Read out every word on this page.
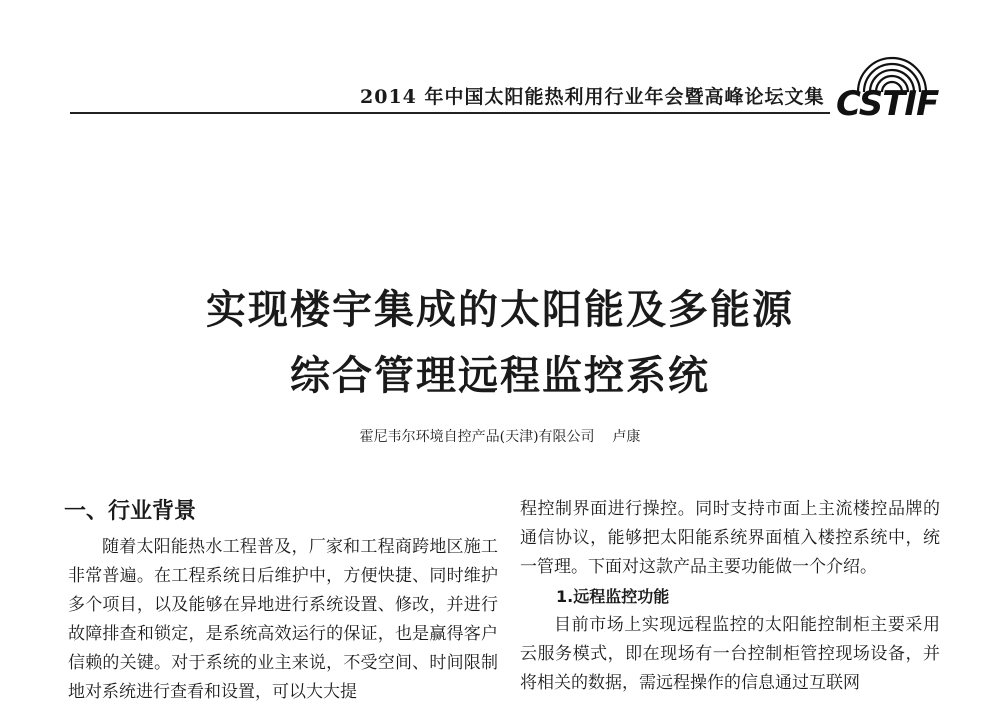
2014 年中国太阳能热利用行业年会暨高峰论坛文集 CSTIF
实现楼宇集成的太阳能及多能源
综合管理远程监控系统
霍尼韦尔环境自控产品(天津)有限公司    卢康
一、行业背景

随着太阳能热水工程普及，厂家和工程商跨地区施工非常普遍。在工程系统日后维护中，方便快捷、同时维护多个项目，以及能够在异地进行系统设置、修改，并进行故障排查和锁定，是系统高效运行的保证，也是赢得客户信赖的关键。对于系统的业主来说，不受空间、时间限制地对系统进行查看和设置，可以大大提

程控制界面进行操控。同时支持市面上主流楼控品牌的通信协议，能够把太阳能系统界面植入楼控系统中，统一管理。下面对这款产品主要功能做一个介绍。

1.远程监控功能

目前市场上实现远程监控的太阳能控制柜主要采用云服务模式，即在现场有一台控制柜管控现场设备，并将相关的数据，需远程操作的信息通过互联网
